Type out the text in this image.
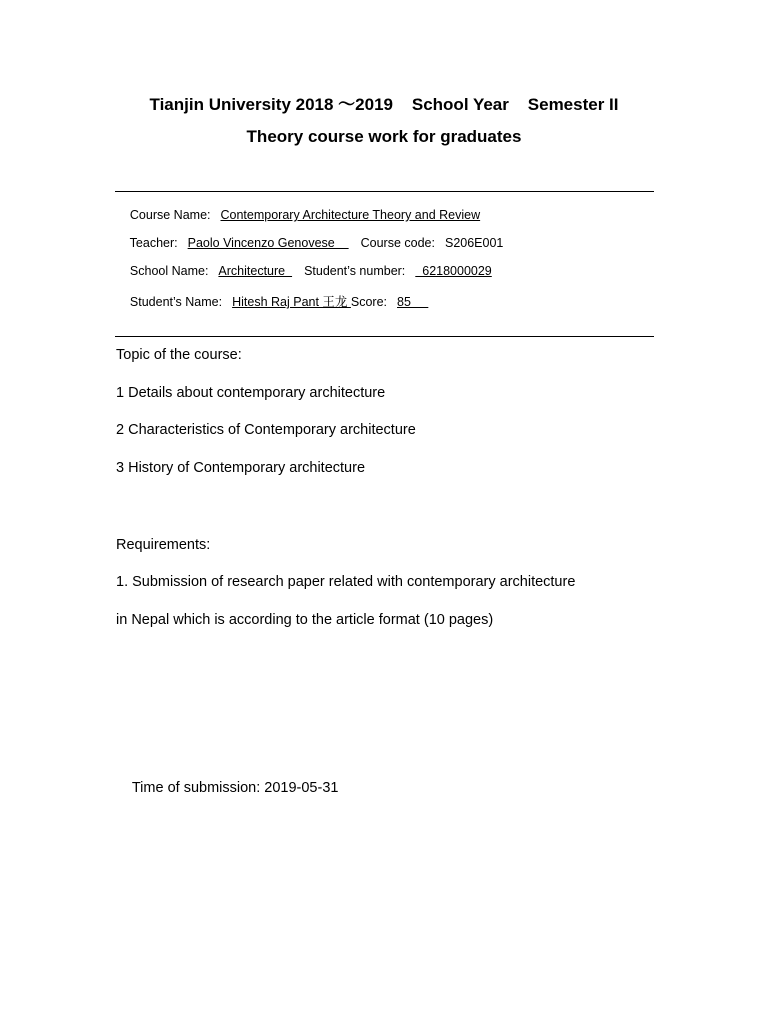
Tianjin University 2018 ～2019    School Year    Semester II
Theory course work for graduates

Course Name: Contemporary Architecture Theory and Review

Teacher: Paolo Vincenzo Genovese    Course code: S206E001

School Name: Architecture  Student’s number:  6218000029

Student’s Name: Hitesh Raj Pant 王龙 Score: 85

Topic of the course:
1 Details about contemporary architecture
2 Characteristics of Contemporary architecture
3 History of Contemporary architecture
Requirements:
1. Submission of research paper related with contemporary architecture
in Nepal which is according to the article format (10 pages)

Time of submission: 2019-05-31
